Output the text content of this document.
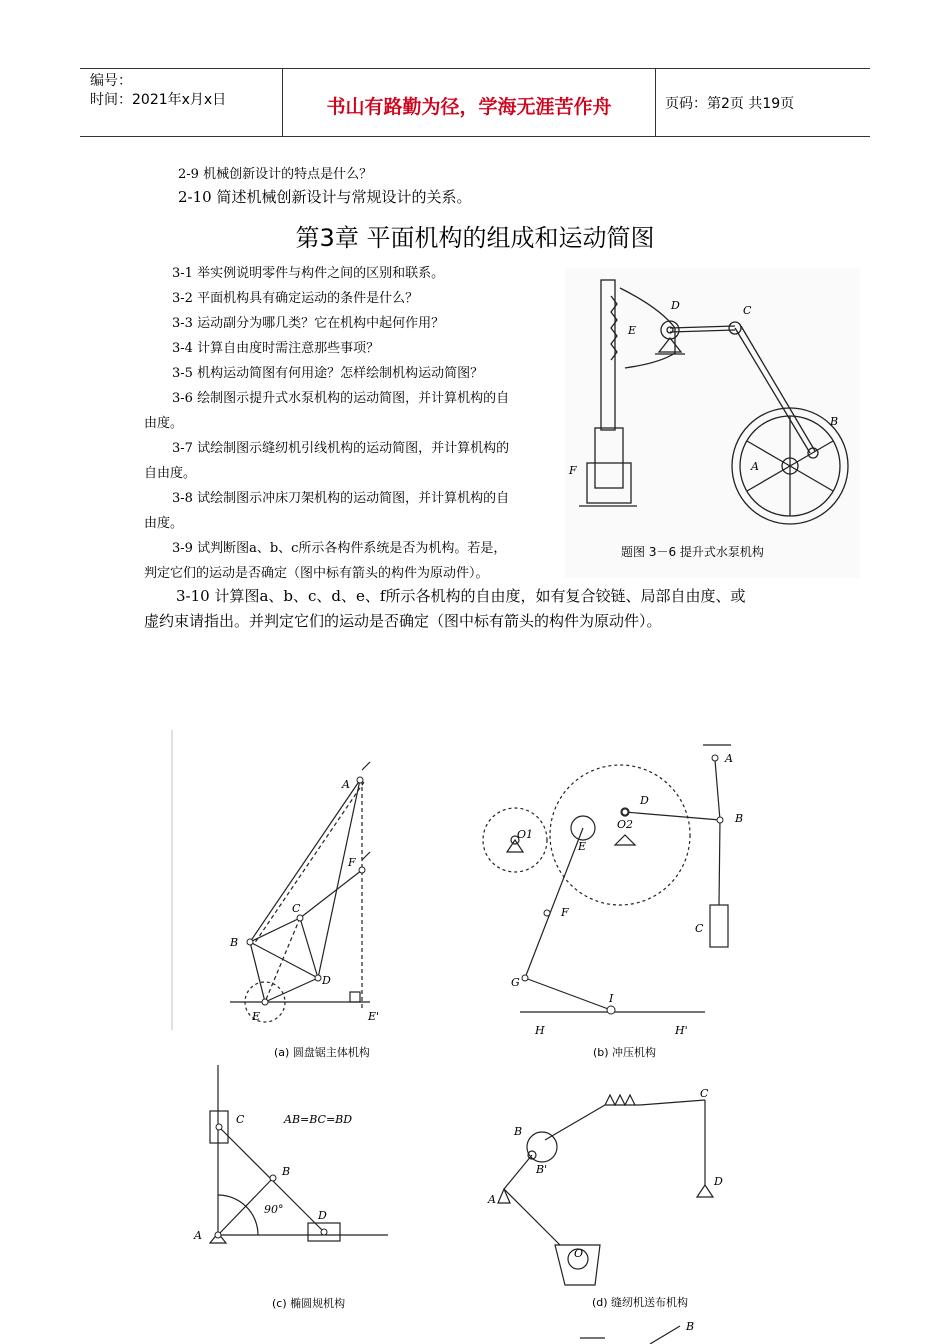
编号：
时间：2021年x月x日	书山有路勤为径，学海无涯苦作舟	页码：第2页 共19页
2-9 机械创新设计的特点是什么？
2-10 简述机械创新设计与常规设计的关系。
第3章 平面机构的组成和运动简图
3-1 举实例说明零件与构件之间的区别和联系。
3-2 平面机构具有确定运动的条件是什么？
3-3 运动副分为哪几类？它在机构中起何作用？
3-4 计算自由度时需注意那些事项？
3-5 机构运动简图有何用途？怎样绘制机构运动简图？
3-6 绘制图示提升式水泵机构的运动简图，并计算机构的自
由度。
3-7 试绘制图示缝纫机引线机构的运动简图，并计算机构的
自由度。
3-8 试绘制图示冲床刀架机构的运动简图，并计算机构的自
由度。
3-9 试判断图a、b、c所示各构件系统是否为机构。若是，
判定它们的运动是否确定（图中标有箭头的构件为原动件）。
3-10 计算图a、b、c、d、e、f所示各机构的自由度，如有复合铰链、局部自由度、或
虚约束请指出。并判定它们的运动是否确定（图中标有箭头的构件为原动件）。
D	C
E
B
A
F
题图 3－6 提升式水泵机构
A
F
C
B
D
E	E'
(a) 圆盘锯主体机构
A
B
C
D
O1
O2
E
F
G
I
H	H'
(b) 冲压机构
C	AB=BC=BD
B
90°
A
D
(c) 椭圆规机构
B
B'
C
D
A
O
(d) 缝纫机送布机构
B
